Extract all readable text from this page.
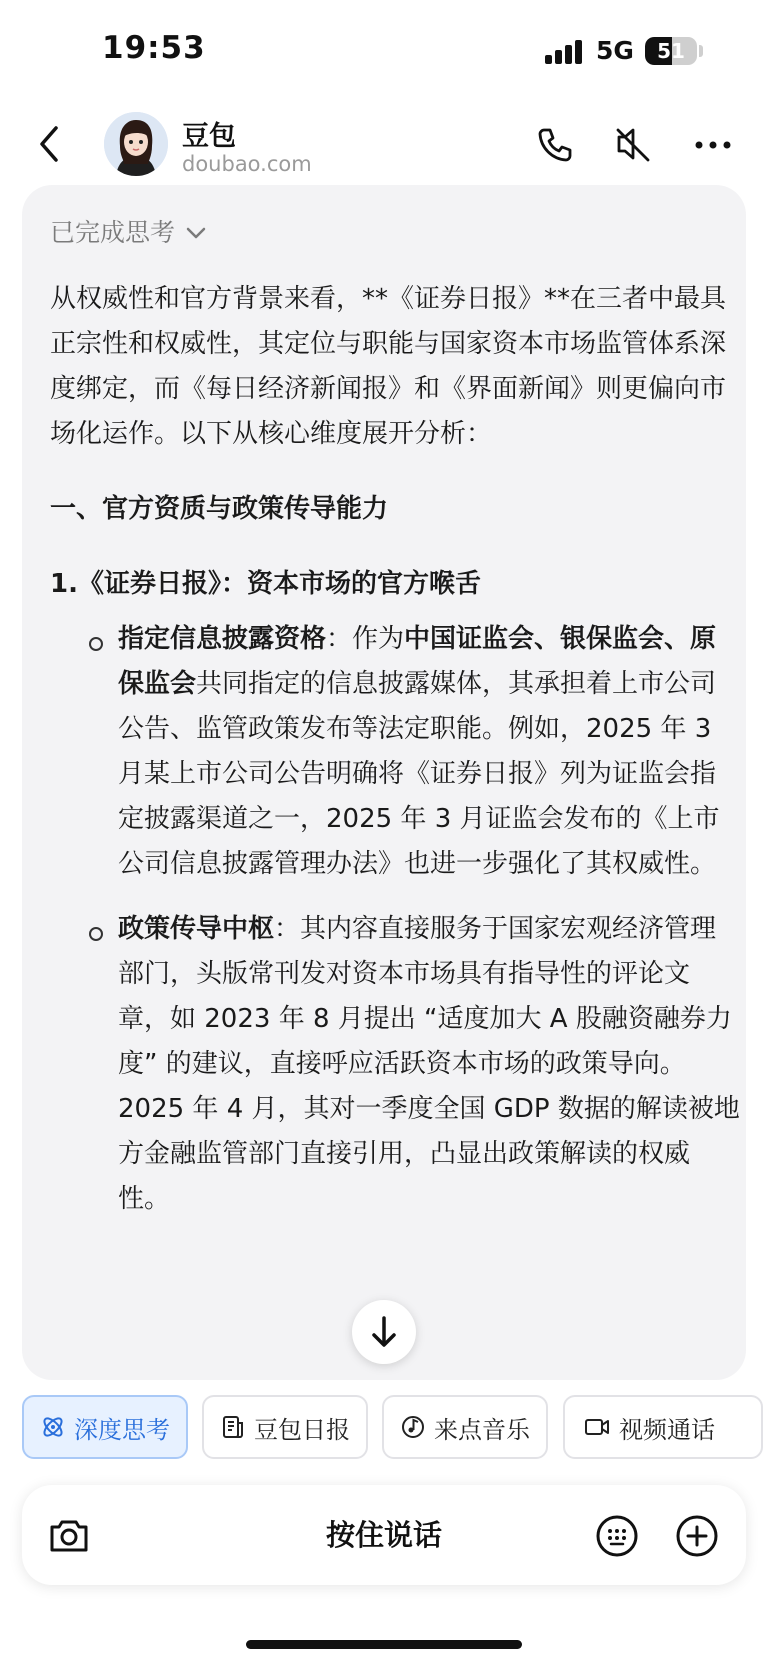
19:53	5G	51
豆包
doubao.com
已完成思考

从权威性和官方背景来看，**《证券日报》**在三者中最具正宗性和权威性，其定位与职能与国家资本市场监管体系深度绑定，而《每日经济新闻报》和《界面新闻》则更偏向市场化运作。以下从核心维度展开分析：

一、官方资质与政策传导能力

1.《证券日报》：资本市场的官方喉舌

指定信息披露资格：作为中国证监会、银保监会、原保监会共同指定的信息披露媒体，其承担着上市公司公告、监管政策发布等法定职能。例如，2025 年 3 月某上市公司公告明确将《证券日报》列为证监会指定披露渠道之一，2025 年 3 月证监会发布的《上市公司信息披露管理办法》也进一步强化了其权威性。

政策传导中枢：其内容直接服务于国家宏观经济管理部门，头版常刊发对资本市场具有指导性的评论文章，如 2023 年 8 月提出 “适度加大 A 股融资融券力度” 的建议，直接呼应活跃资本市场的政策导向。2025 年 4 月，其对一季度全国 GDP 数据的解读被地方金融监管部门直接引用，凸显出政策解读的权威性。

深度思考	豆包日报	来点音乐	视频通话
按住说话
